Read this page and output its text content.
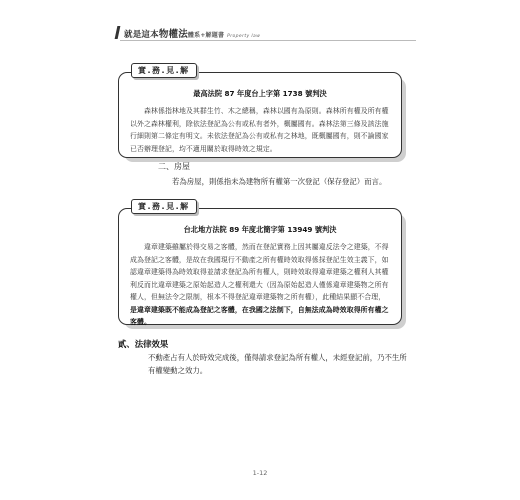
就是這本物權法體系+解題書 Property law
實.務.見.解
最高法院 87 年度台上字第 1738 號判決
森林係指林地及其群生竹、木之總稱，森林以國有為原則。森林所有權及所有權以外之森林權利，除依法登記為公有或私有者外，概屬國有。森林法第三條及該法施行細則第二條定有明文。未依法登記為公有或私有之林地，既概屬國有，則不論國家已否辦理登記，均不適用關於取得時效之規定。
二、房屋
若為房屋，則係指未為建物所有權第一次登記（保存登記）而言。
實.務.見.解
台北地方法院 89 年度北簡字第 13949 號判決
違章建築雖屬於得交易之客體，然而在登記實務上因其屬違反法令之建築，不得成為登記之客體，是故在我國現行不動產之所有權時效取得係採登記生效主義下，如認違章建築得為時效取得並請求登記為所有權人，則時效取得違章建築之權利人其權利反而比違章建築之原始起造人之權利還大（因為原始起造人僅係違章建築物之所有權人，但無法令之限制，根本不得登記違章建築物之所有權），此種結果顯不合理，是違章建築既不能成為登記之客體，在我國之法制下，自無法成為時效取得所有權之客體。
貳、法律效果
不動產占有人於時效完成後，僅得請求登記為所有權人，未經登記前，乃不生所有權變動之效力。
1-12
